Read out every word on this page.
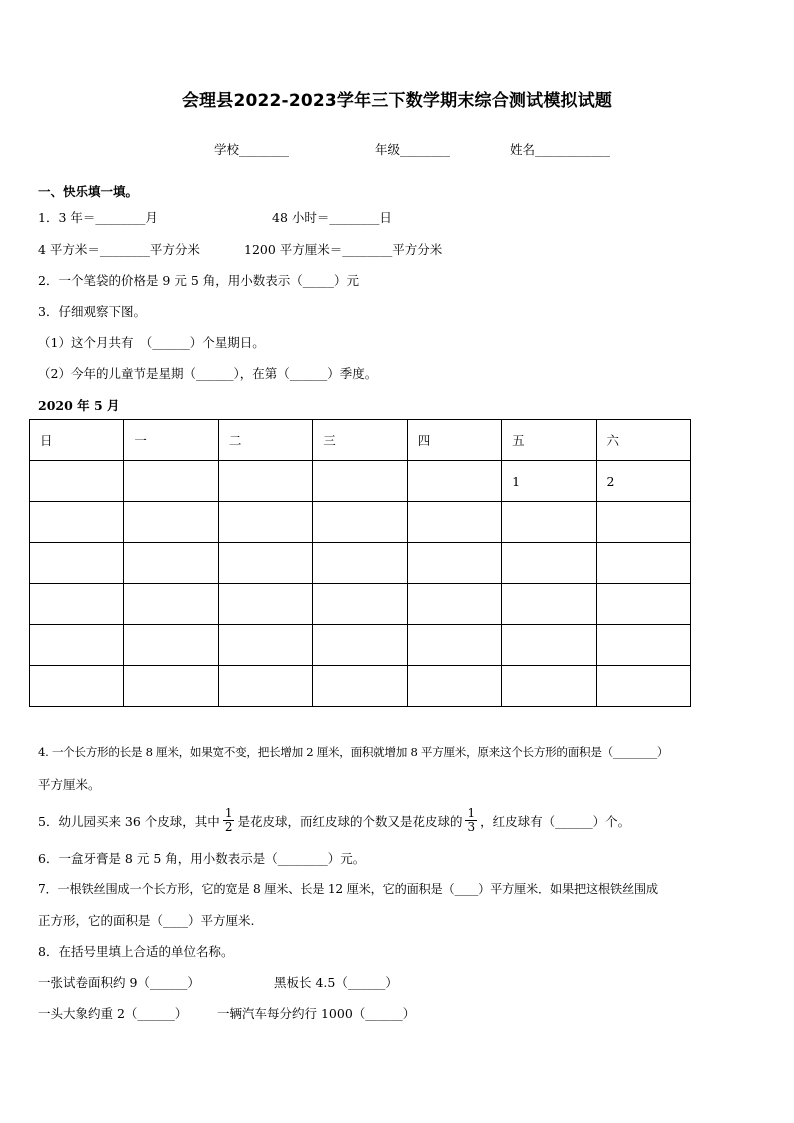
会理县2022-2023学年三下数学期末综合测试模拟试题
学校________	年级________	姓名____________
一、快乐填一填。
1．3 年＝________月	48 小时＝________日
4 平方米＝________平方分米	1200 平方厘米＝________平方分米
2．一个笔袋的价格是 9 元 5 角，用小数表示（_____）元
3．仔细观察下图。
（1）这个月共有　（______）个星期日。
（2）今年的儿童节是星期（______），在第（______）季度。
2020 年 5 月
日	一	二	三	四	五	六
					1	2

4. 一个长方形的长是 8 厘米，如果宽不变，把长增加 2 厘米，面积就增加 8 平方厘米，原来这个长方形的面积是（________）
平方厘米。
5．幼儿园买来 36 个皮球，其中 $\frac{1}{2}$ 是花皮球，而红皮球的个数又是花皮球的 $\frac{1}{3}$ ，红皮球有（______）个。
6．一盒牙膏是 8 元 5 角，用小数表示是（________）元。
7．一根铁丝围成一个长方形，它的宽是 8 厘米、长是 12 厘米，它的面积是（____）平方厘米．如果把这根铁丝围成
正方形，它的面积是（____）平方厘米.
8．在括号里填上合适的单位名称。
一张试卷面积约 9（______）	黑板长 4.5（______）
一头大象约重 2（______） 一辆汽车每分约行 1000（______）
